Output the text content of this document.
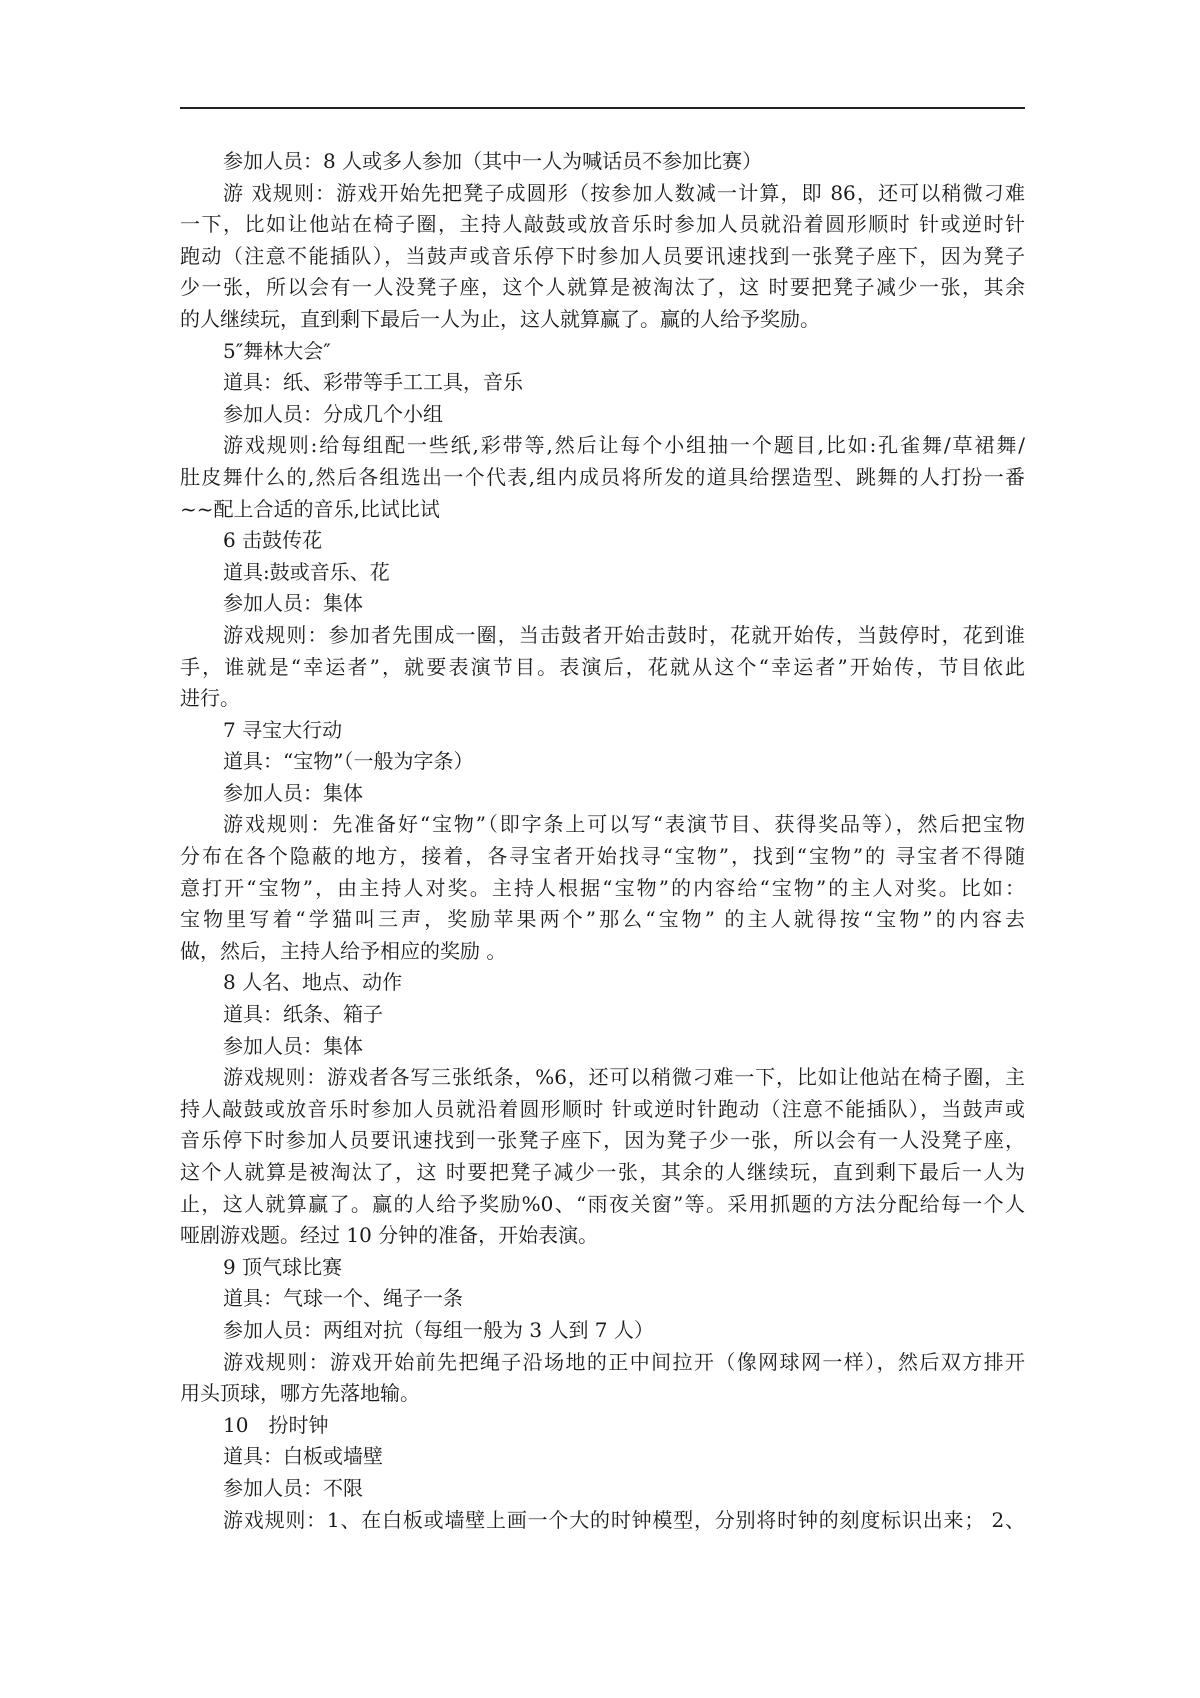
参加人员：8 人或多人参加（其中一人为喊话员不参加比赛）
游 戏规则：游戏开始先把凳子成圆形（按参加人数减一计算，即 86，还可以稍微刁难
一下，比如让他站在椅子圈，主持人敲鼓或放音乐时参加人员就沿着圆形顺时 针或逆时针
跑动（注意不能插队），当鼓声或音乐停下时参加人员要讯速找到一张凳子座下，因为凳子
少一张，所以会有一人没凳子座，这个人就算是被淘汰了，这 时要把凳子减少一张，其余
的人继续玩，直到剩下最后一人为止，这人就算赢了。赢的人给予奖励。
5″舞林大会″
道具：纸、彩带等手工工具，音乐
参加人员：分成几个小组
游戏规则:给每组配一些纸,彩带等,然后让每个小组抽一个题目,比如:孔雀舞/草裙舞/
肚皮舞什么的,然后各组选出一个代表,组内成员将所发的道具给摆造型、跳舞的人打扮一番
~~配上合适的音乐,比试比试
6 击鼓传花
道具:鼓或音乐、花
参加人员：集体
游戏规则：参加者先围成一圈，当击鼓者开始击鼓时，花就开始传，当鼓停时，花到谁
手，谁就是“幸运者”，就要表演节目。表演后，花就从这个“幸运者”开始传，节目依此
进行。
7 寻宝大行动
道具：“宝物”（一般为字条）
参加人员：集体
游戏规则：先准备好“宝物”（即字条上可以写“表演节目、获得奖品等），然后把宝物
分布在各个隐蔽的地方，接着，各寻宝者开始找寻“宝物”，找到“宝物”的 寻宝者不得随
意打开“宝物”，由主持人对奖。主持人根据“宝物”的内容给“宝物”的主人对奖。比如：
宝物里写着“学猫叫三声，奖励苹果两个”那么“宝物” 的主人就得按“宝物”的内容去
做，然后，主持人给予相应的奖励 。
8 人名、地点、动作
道具：纸条、箱子
参加人员：集体
游戏规则：游戏者各写三张纸条，%6，还可以稍微刁难一下，比如让他站在椅子圈，主
持人敲鼓或放音乐时参加人员就沿着圆形顺时 针或逆时针跑动（注意不能插队），当鼓声或
音乐停下时参加人员要讯速找到一张凳子座下，因为凳子少一张，所以会有一人没凳子座，
这个人就算是被淘汰了，这 时要把凳子减少一张，其余的人继续玩，直到剩下最后一人为
止，这人就算赢了。赢的人给予奖励%0、“雨夜关窗”等。采用抓题的方法分配给每一个人
哑剧游戏题。经过 10 分钟的准备，开始表演。
9 顶气球比赛
道具：气球一个、绳子一条
参加人员：两组对抗（每组一般为 3 人到 7 人）
游戏规则：游戏开始前先把绳子沿场地的正中间拉开（像网球网一样），然后双方排开
用头顶球，哪方先落地输。
10　扮时钟
道具：白板或墙壁
参加人员：不限
游戏规则：1、在白板或墙壁上画一个大的时钟模型，分别将时钟的刻度标识出来； 2、
